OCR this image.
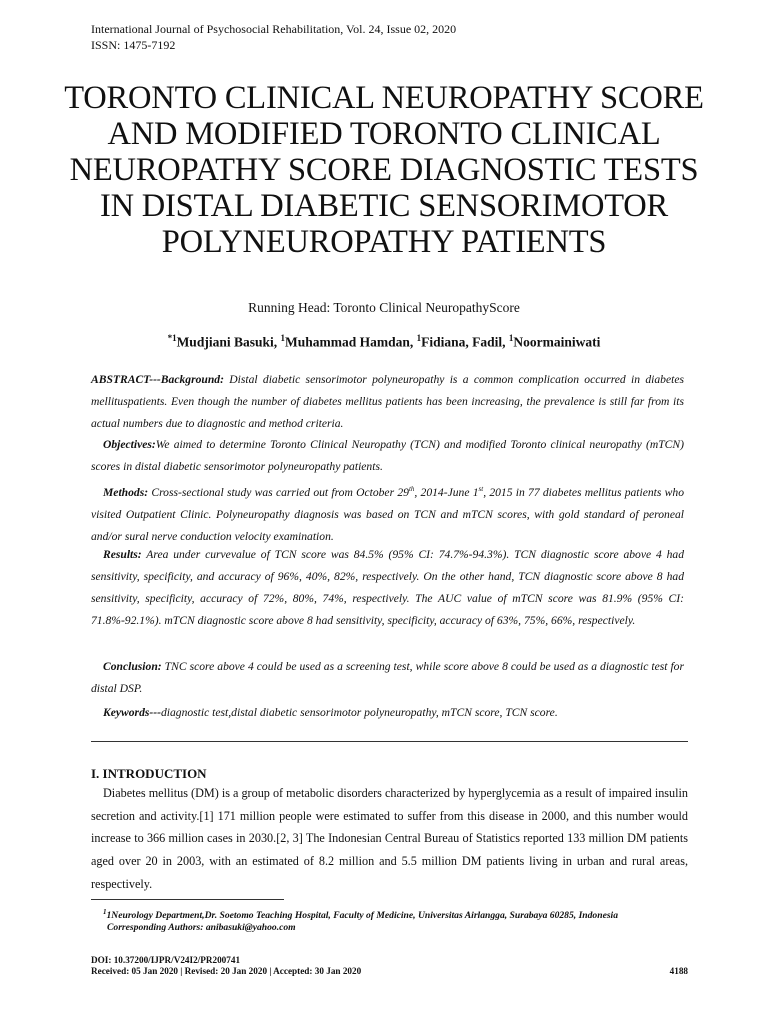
International Journal of Psychosocial Rehabilitation, Vol. 24, Issue 02, 2020
ISSN: 1475-7192
TORONTO CLINICAL NEUROPATHY SCORE AND MODIFIED TORONTO CLINICAL NEUROPATHY SCORE DIAGNOSTIC TESTS IN DISTAL DIABETIC SENSORIMOTOR POLYNEUROPATHY PATIENTS
Running Head: Toronto Clinical NeuropathyScore
$^{*1}$Mudjiani Basuki, $^1$Muhammad Hamdan, $^1$Fidiana, Fadil, $^1$Noormainiwati
ABSTRACT---Background: Distal diabetic sensorimotor polyneuropathy is a common complication occurred in diabetes mellituspatients. Even though the number of diabetes mellitus patients has been increasing, the prevalence is still far from its actual numbers due to diagnostic and method criteria.
Objectives:We aimed to determine Toronto Clinical Neuropathy (TCN) and modified Toronto clinical neuropathy (mTCN) scores in distal diabetic sensorimotor polyneuropathy patients.
Methods: Cross-sectional study was carried out from October 29th, 2014-June 1st, 2015 in 77 diabetes mellitus patients who visited Outpatient Clinic. Polyneuropathy diagnosis was based on TCN and mTCN scores, with gold standard of peroneal and/or sural nerve conduction velocity examination.
Results: Area under curvevalue of TCN score was 84.5% (95% CI: 74.7%-94.3%). TCN diagnostic score above 4 had sensitivity, specificity, and accuracy of 96%, 40%, 82%, respectively. On the other hand, TCN diagnostic score above 8 had sensitivity, specificity, accuracy of 72%, 80%, 74%, respectively. The AUC value of mTCN score was 81.9% (95% CI: 71.8%-92.1%). mTCN diagnostic score above 8 had sensitivity, specificity, accuracy of 63%, 75%, 66%, respectively.
Conclusion: TNC score above 4 could be used as a screening test, while score above 8 could be used as a diagnostic test for distal DSP.
Keywords---diagnostic test,distal diabetic sensorimotor polyneuropathy, mTCN score, TCN score.
I. INTRODUCTION

Diabetes mellitus (DM) is a group of metabolic disorders characterized by hyperglycemia as a result of impaired insulin secretion and activity.[1] 171 million people were estimated to suffer from this disease in 2000, and this number would increase to 366 million cases in 2030.[2, 3] The Indonesian Central Bureau of Statistics reported 133 million DM patients aged over 20 in 2003, with an estimated of 8.2 million and 5.5 million DM patients living in urban and rural areas, respectively.

$^1$1Neurology Department,Dr. Soetomo Teaching Hospital, Faculty of Medicine, Universitas Airlangga, Surabaya 60285, Indonesia
Corresponding Authors: anibasuki@yahoo.com
DOI: 10.37200/IJPR/V24I2/PR200741
Received: 05 Jan 2020 | Revised: 20 Jan 2020 | Accepted: 30 Jan 2020	4188
